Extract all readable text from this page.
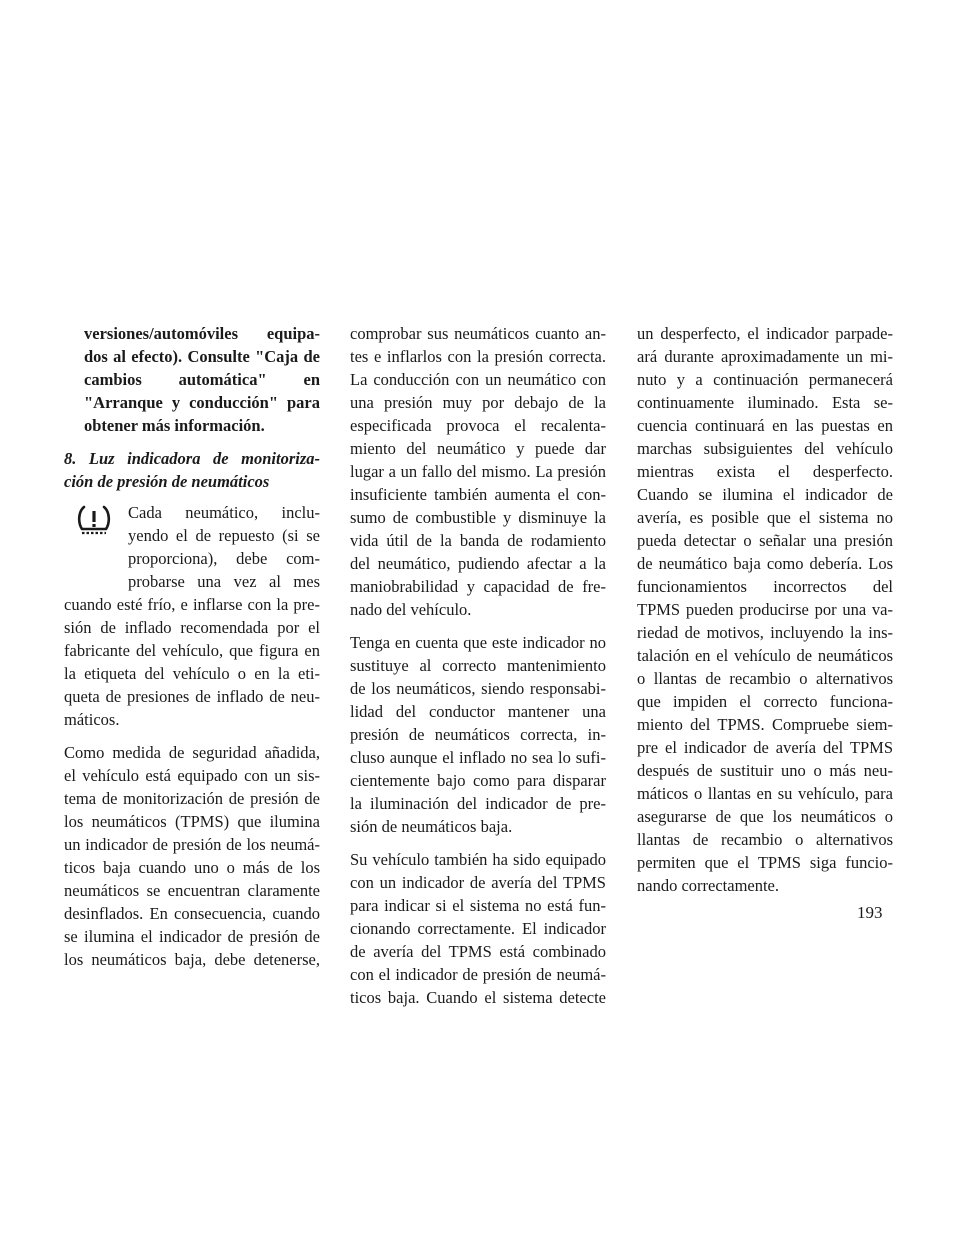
versiones/automóviles equipa-
dos al efecto). Consulte "Caja de
cambios automática" en
"Arranque y conducción" para
obtener más información.
8. Luz indicadora de monitoriza-
ción de presión de neumáticos
Cada neumático, inclu-
yendo el de repuesto (si se
proporciona), debe com-
probarse una vez al mes
cuando esté frío, e inflarse con la pre-
sión de inflado recomendada por el
fabricante del vehículo, que figura en
la etiqueta del vehículo o en la eti-
queta de presiones de inflado de neu-
máticos.
Como medida de seguridad añadida,
el vehículo está equipado con un sis-
tema de monitorización de presión de
los neumáticos (TPMS) que ilumina
un indicador de presión de los neumá-
ticos baja cuando uno o más de los
neumáticos se encuentran claramente
desinflados. En consecuencia, cuando
se ilumina el indicador de presión de
los neumáticos baja, debe detenerse,
comprobar sus neumáticos cuanto an-
tes e inflarlos con la presión correcta.
La conducción con un neumático con
una presión muy por debajo de la
especificada provoca el recalenta-
miento del neumático y puede dar
lugar a un fallo del mismo. La presión
insuficiente también aumenta el con-
sumo de combustible y disminuye la
vida útil de la banda de rodamiento
del neumático, pudiendo afectar a la
maniobrabilidad y capacidad de fre-
nado del vehículo.
Tenga en cuenta que este indicador no
sustituye al correcto mantenimiento
de los neumáticos, siendo responsabi-
lidad del conductor mantener una
presión de neumáticos correcta, in-
cluso aunque el inflado no sea lo sufi-
cientemente bajo como para disparar
la iluminación del indicador de pre-
sión de neumáticos baja.
Su vehículo también ha sido equipado
con un indicador de avería del TPMS
para indicar si el sistema no está fun-
cionando correctamente. El indicador
de avería del TPMS está combinado
con el indicador de presión de neumá-
ticos baja. Cuando el sistema detecte
un desperfecto, el indicador parpade-
ará durante aproximadamente un mi-
nuto y a continuación permanecerá
continuamente iluminado. Esta se-
cuencia continuará en las puestas en
marchas subsiguientes del vehículo
mientras exista el desperfecto.
Cuando se ilumina el indicador de
avería, es posible que el sistema no
pueda detectar o señalar una presión
de neumático baja como debería. Los
funcionamientos incorrectos del
TPMS pueden producirse por una va-
riedad de motivos, incluyendo la ins-
talación en el vehículo de neumáticos
o llantas de recambio o alternativos
que impiden el correcto funciona-
miento del TPMS. Compruebe siem-
pre el indicador de avería del TPMS
después de sustituir uno o más neu-
máticos o llantas en su vehículo, para
asegurarse de que los neumáticos o
llantas de recambio o alternativos
permiten que el TPMS siga funcio-
nando correctamente.
193
